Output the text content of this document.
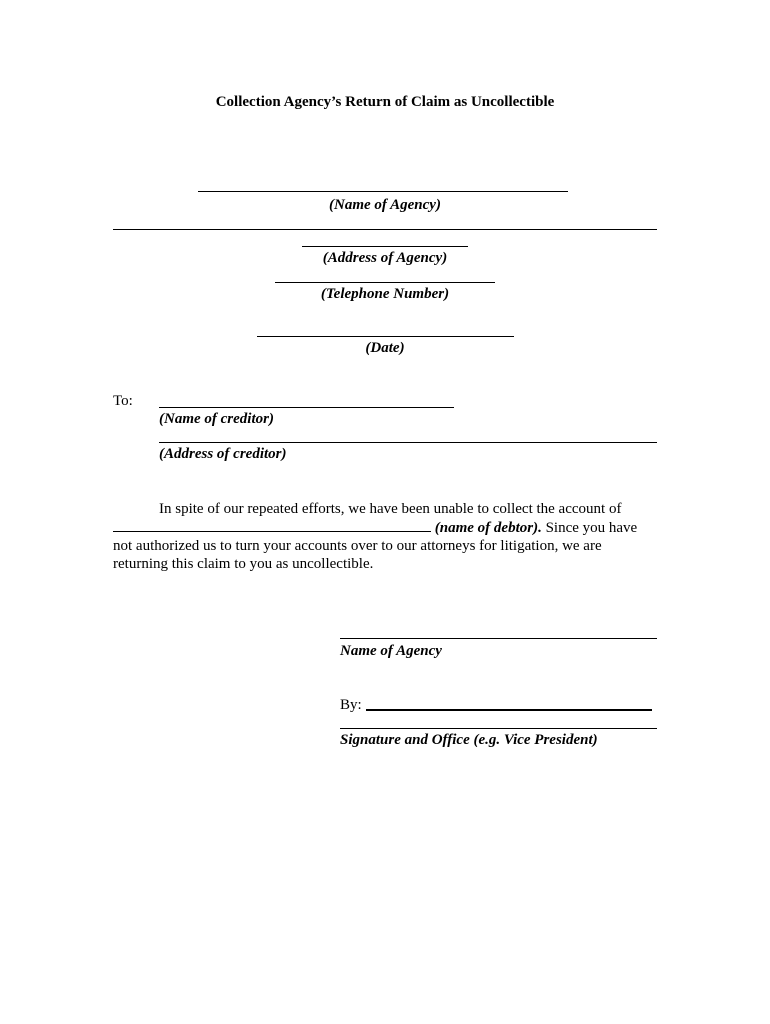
Collection Agency’s Return of Claim as Uncollectible
(Name of Agency)
(Address of Agency)
(Telephone Number)
(Date)
To:
(Name of creditor)
(Address of creditor)
In spite of our repeated efforts, we have been unable to collect the account of
(name of debtor). Since you have
not authorized us to turn your accounts over to our attorneys for litigation, we are
returning this claim to you as uncollectible.
Name of Agency
By:
Signature and Office (e.g. Vice President)
